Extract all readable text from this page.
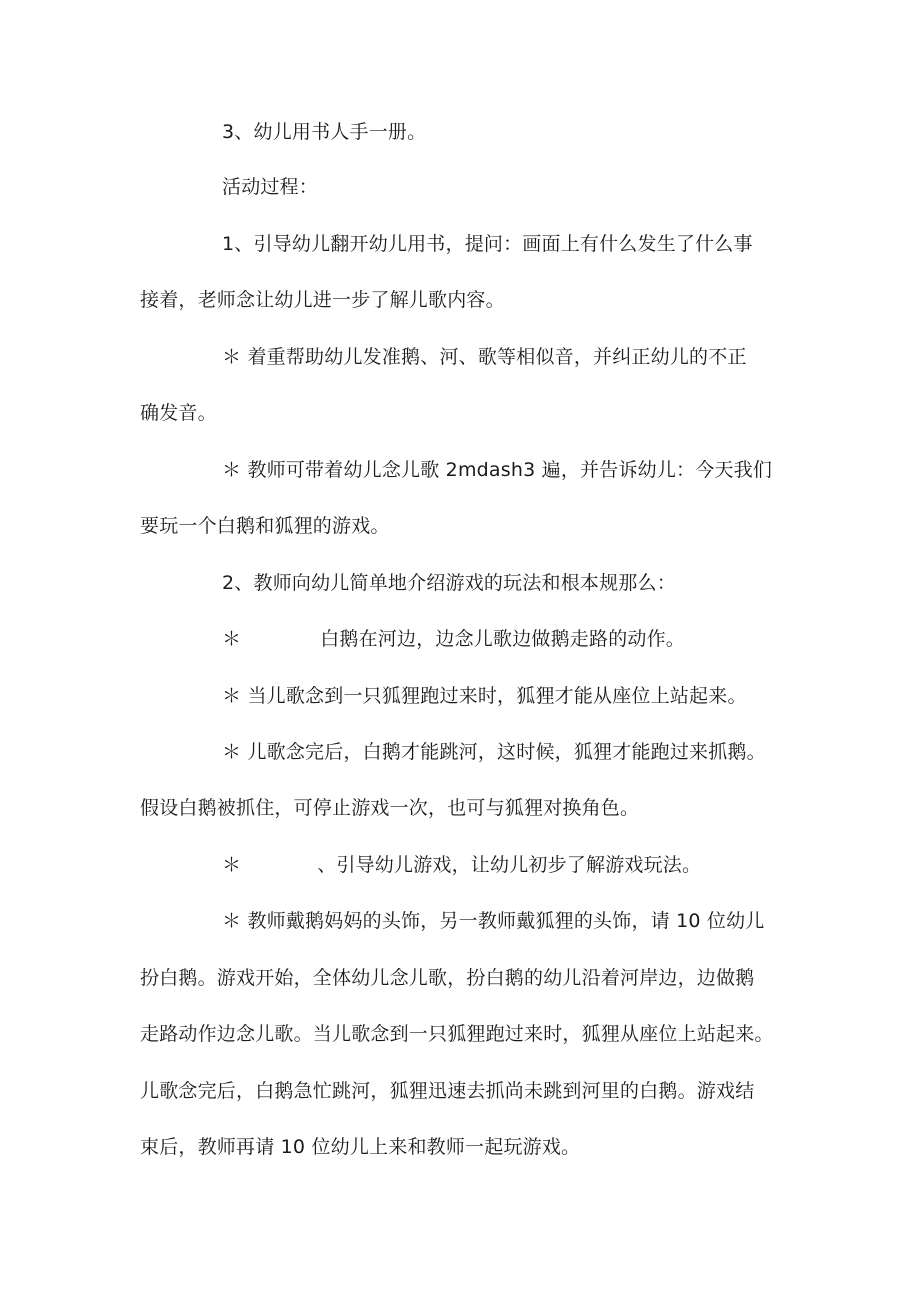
3、幼儿用书人手一册。
活动过程：
1、引导幼儿翻开幼儿用书，提问：画面上有什么发生了什么事
接着，老师念让幼儿进一步了解儿歌内容。
＊ 着重帮助幼儿发准鹅、河、歌等相似音，并纠正幼儿的不正
确发音。
＊ 教师可带着幼儿念儿歌 2mdash3 遍，并告诉幼儿：今天我们
要玩一个白鹅和狐狸的游戏。
2、教师向幼儿简单地介绍游戏的玩法和根本规那么：
＊	白鹅在河边，边念儿歌边做鹅走路的动作。
＊ 当儿歌念到一只狐狸跑过来时，狐狸才能从座位上站起来。
＊ 儿歌念完后，白鹅才能跳河，这时候，狐狸才能跑过来抓鹅。
假设白鹅被抓住，可停止游戏一次，也可与狐狸对换角色。
＊	、引导幼儿游戏，让幼儿初步了解游戏玩法。
＊ 教师戴鹅妈妈的头饰，另一教师戴狐狸的头饰，请 10 位幼儿
扮白鹅。游戏开始，全体幼儿念儿歌，扮白鹅的幼儿沿着河岸边，边做鹅
走路动作边念儿歌。当儿歌念到一只狐狸跑过来时，狐狸从座位上站起来。
儿歌念完后，白鹅急忙跳河，狐狸迅速去抓尚未跳到河里的白鹅。游戏结
束后，教师再请 10 位幼儿上来和教师一起玩游戏。
